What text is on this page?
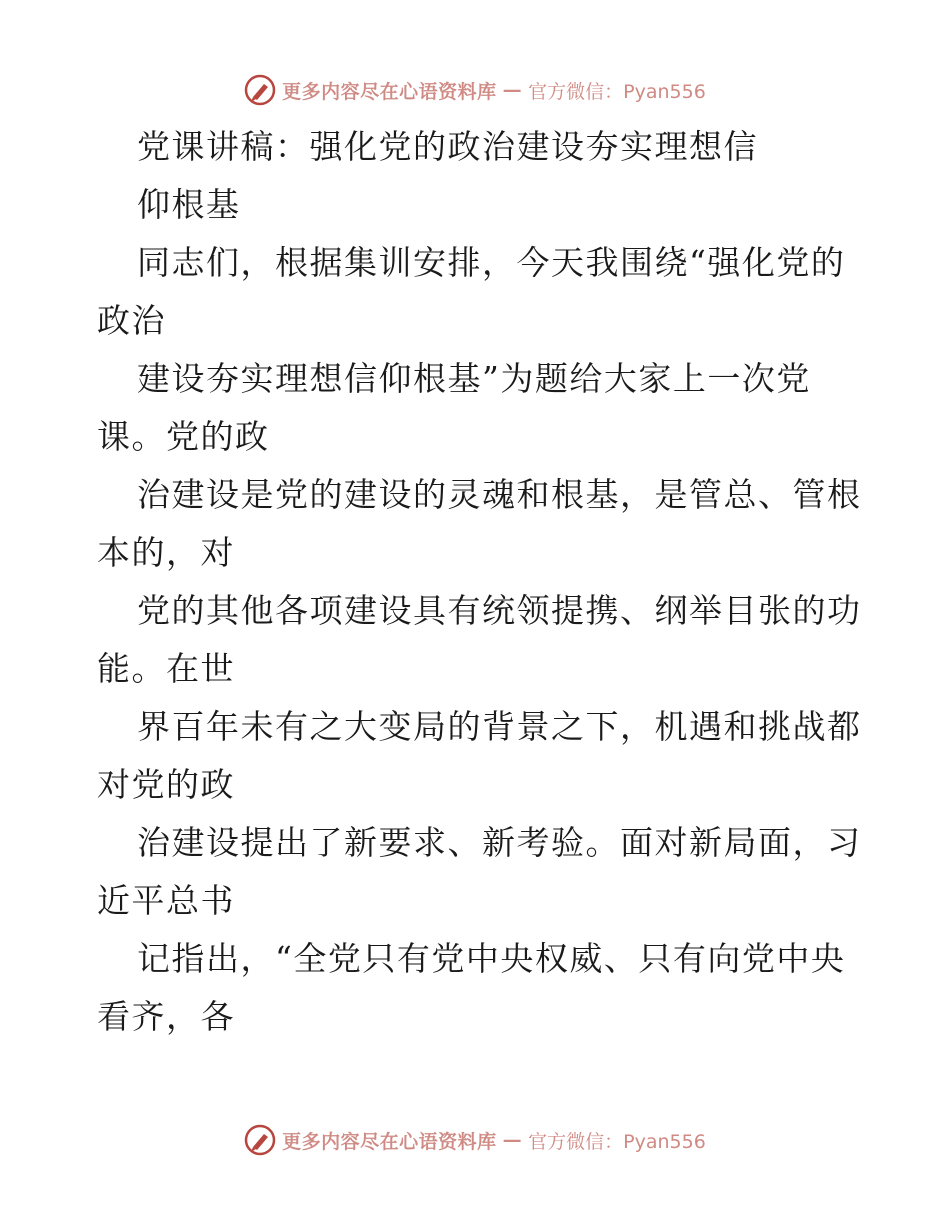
更多内容尽在心语资料库 — 官方微信：Pyan556
党课讲稿：强化党的政治建设夯实理想信
仰根基
同志们，根据集训安排，今天我围绕“强化党的
政治
建设夯实理想信仰根基”为题给大家上一次党
课。党的政
治建设是党的建设的灵魂和根基，是管总、管根
本的，对
党的其他各项建设具有统领提携、纲举目张的功
能。在世
界百年未有之大变局的背景之下，机遇和挑战都
对党的政
治建设提出了新要求、新考验。面对新局面，习
近平总书
记指出，“全党只有党中央权威、只有向党中央
看齐，各
更多内容尽在心语资料库 — 官方微信：Pyan556
